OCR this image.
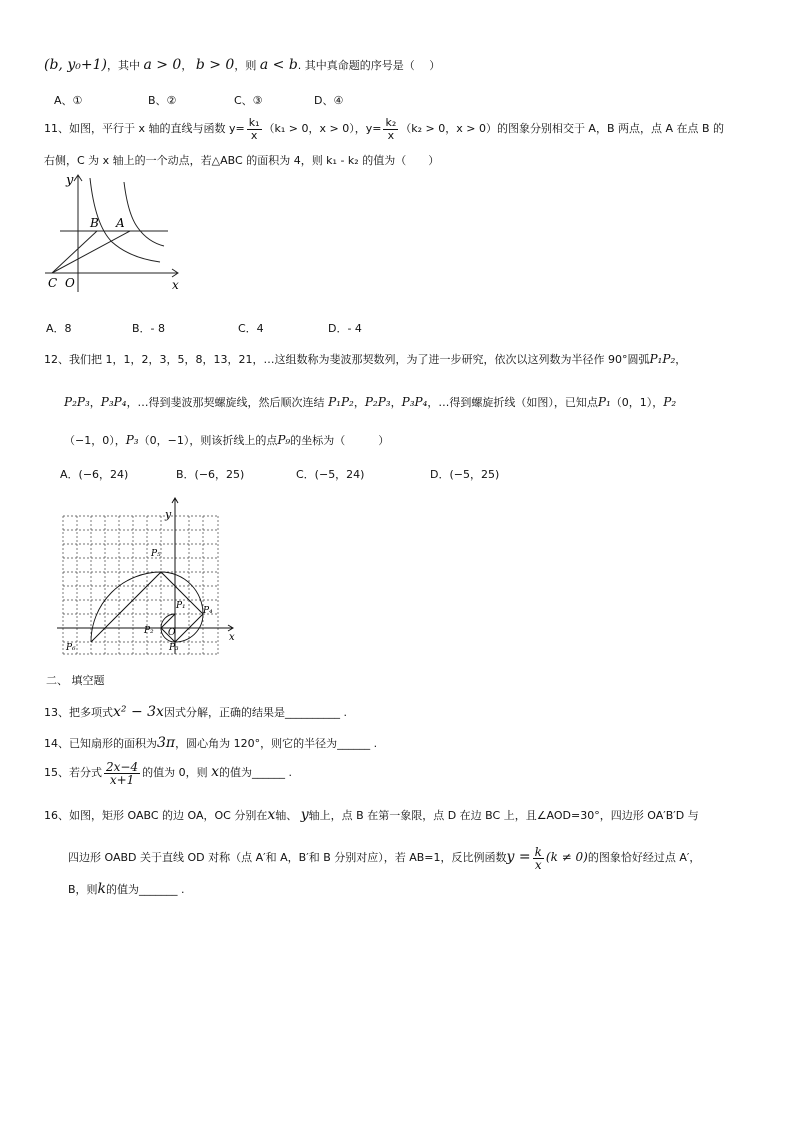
(b, y₀+1)，其中 a > 0， b > 0，则 a < b. 其中真命题的序号是（　 ）
A、①	B、②	C、③	D、④
11、如图，平行于 x 轴的直线与函数 $y= \frac{\text{k₁}}{x} (k_1 > 0$，x > 0），$y= \frac{\text{k₂}}{x} (k_2 > 0$，x > 0）的图象分别相交于 A，B 两点，点 A 在点 B 的
右侧，C 为 x 轴上的一个动点，若△ABC 的面积为 4，则 k₁ - k₂ 的值为（　　）
y
x
B A
C O
A．8	B．- 8	C．4	D．- 4
12、我们把 1，1，2，3，5，8，13，21，…这组数称为斐波那契数列，为了进一步研究，依次以这列数为半径作 90°圆弧P₁P₂，
P₂P₃，P₃P₄，…得到斐波那契螺旋线，然后顺次连结 P₁P₂，P₂P₃，P₃P₄，…得到螺旋折线（如图），已知点P₁（0，1），P₂
（−1，0），P₃（0，−1），则该折线上的点P₉的坐标为（　　　）
A．(−6，24)	B．(−6，25)	C．(−5，24)	D．(−5，25)
y
x
P₅
P₁ P₄
P₂ O
P₃
P₆
二、 填空题
13、把多项式x² − 3x因式分解，正确的结果是__________ .
14、已知扇形的面积为3π，圆心角为 120°，则它的半径为______ .
15、若分式 $\frac{2x-4}{x+1}$ 的值为 0，则 x的值为______ .
16、如图，矩形 OABC 的边 OA，OC 分别在x轴、 y轴上，点 B 在第一象限，点 D 在边 BC 上，且∠AOD=30°，四边形 OA′B′D 与
四边形 OABD 关于直线 OD 对称（点 A′和 A，B′和 B 分别对应），若 AB=1，反比例函数$y = \frac{k}{x} (k \ne 0)$的图象恰好经过点 A′，
B，则k的值为_______ .
